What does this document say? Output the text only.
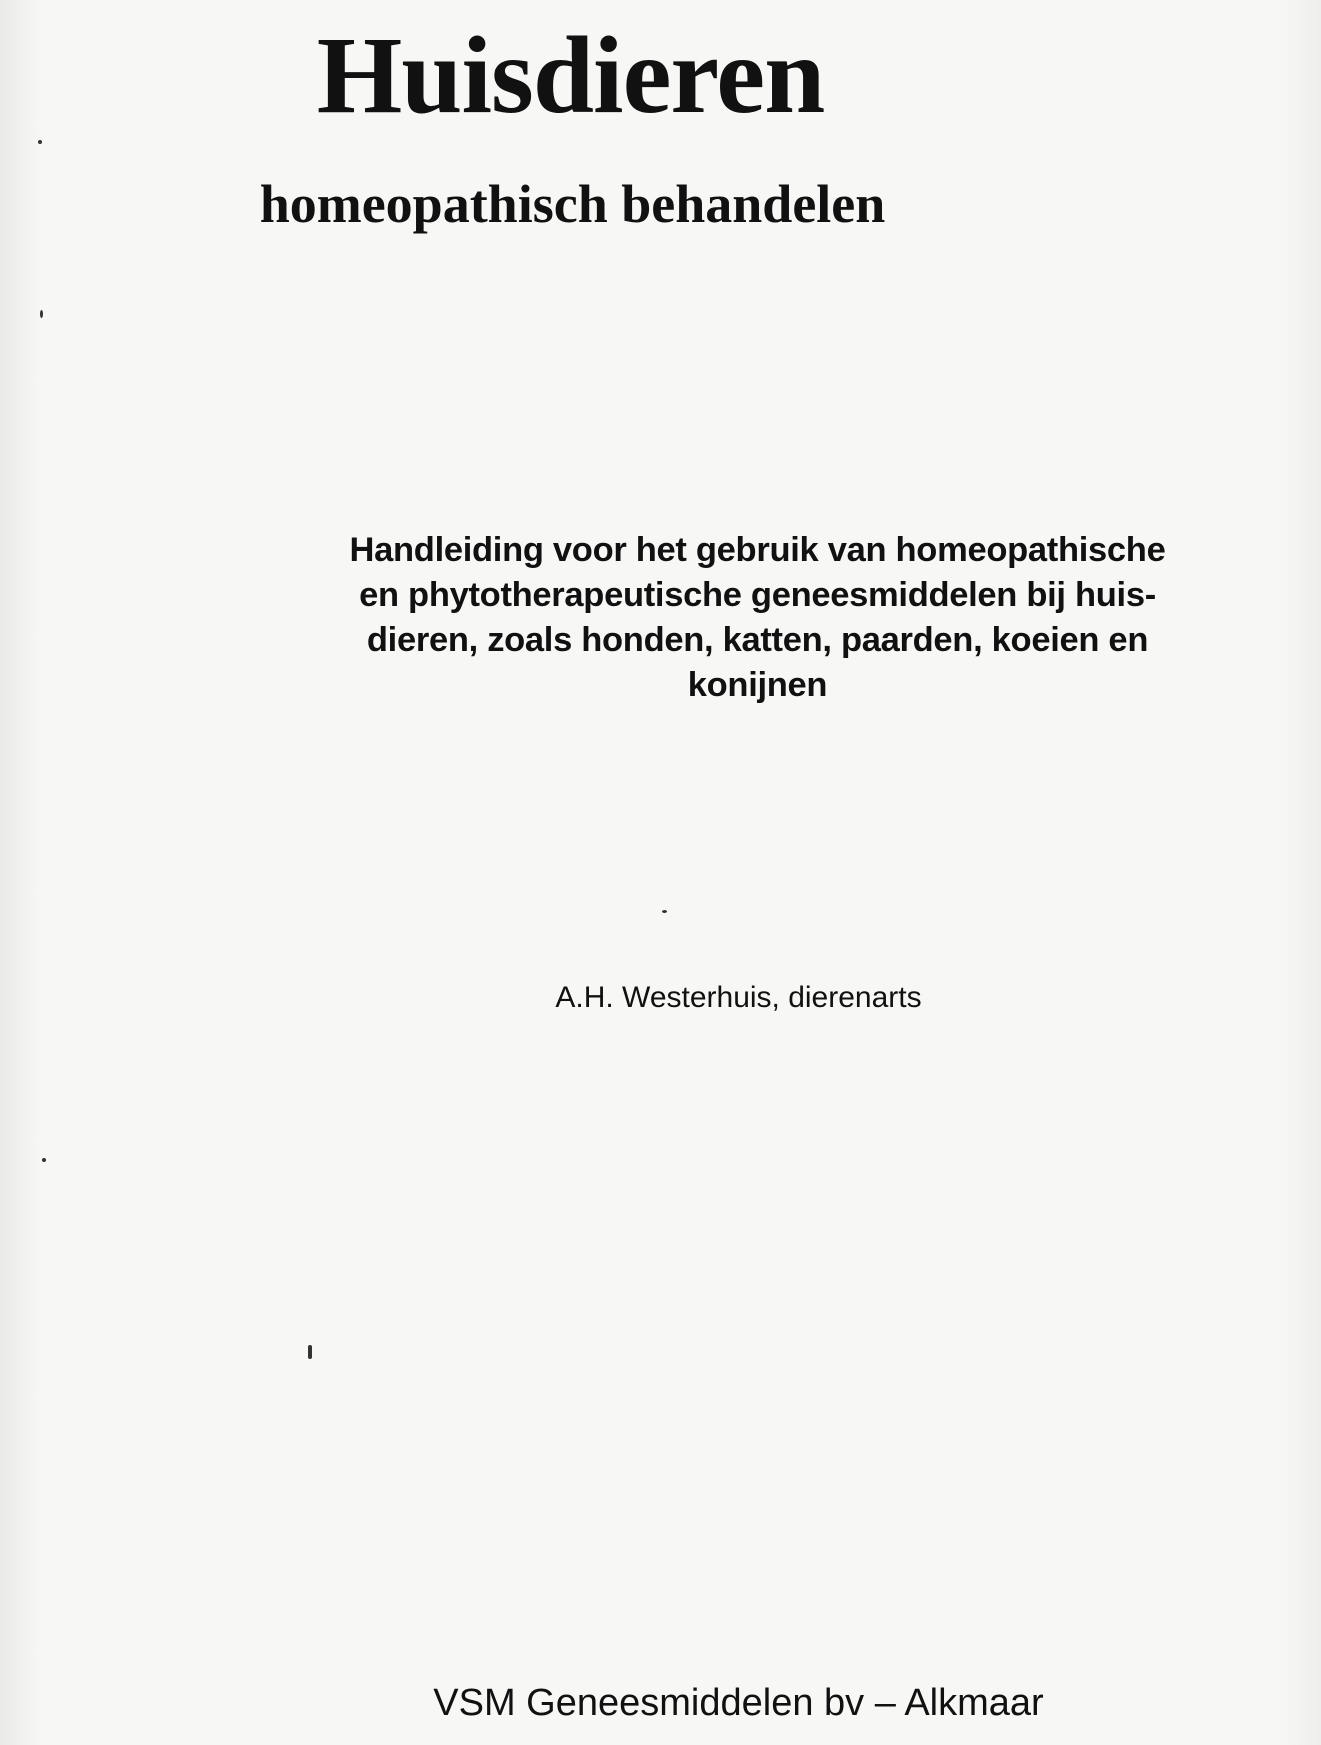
Huisdieren
homeopathisch behandelen
Handleiding voor het gebruik van homeopathische
en phytotherapeutische geneesmiddelen bij huis-
dieren, zoals honden, katten, paarden, koeien en
konijnen
A.H. Westerhuis, dierenarts
VSM Geneesmiddelen bv – Alkmaar
